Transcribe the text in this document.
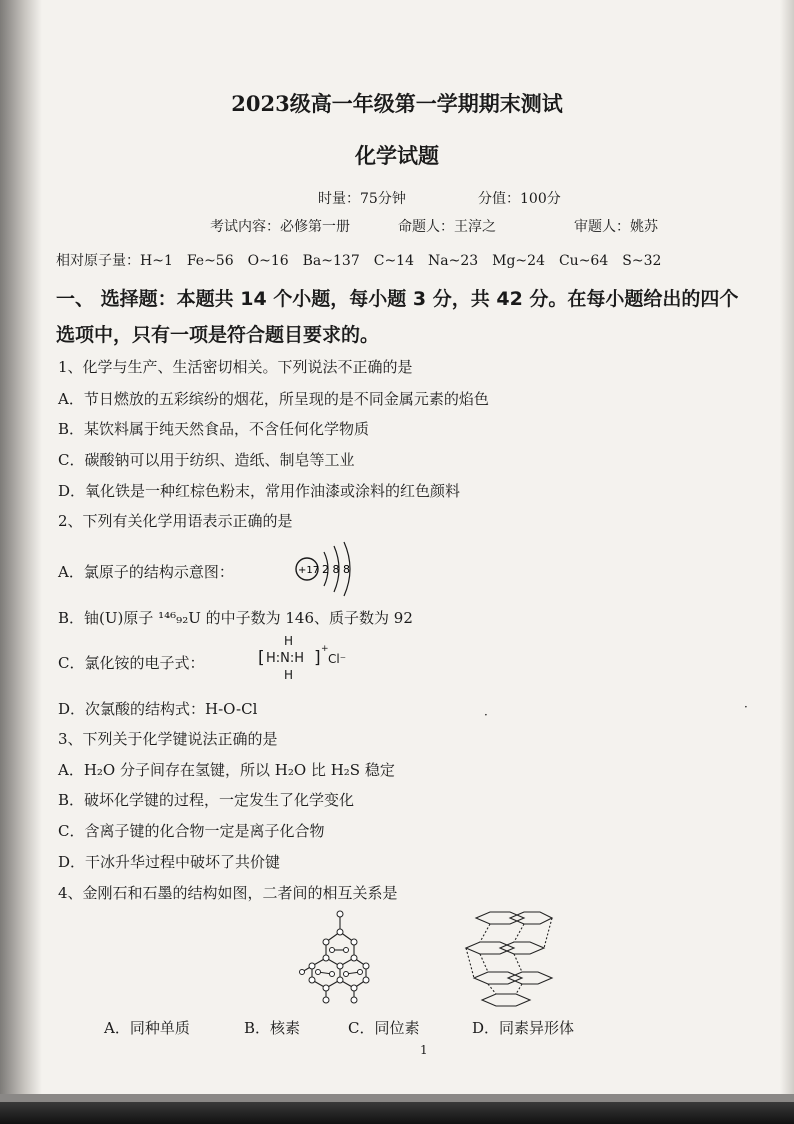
2023级高一年级第一学期期末测试
化学试题
时量：75分钟	分值：100分
考试内容：必修第一册	命题人：王淳之	审题人：姚苏
相对原子量：H~1　Fe~56　O~16　Ba~137　C~14　Na~23　Mg~24　Cu~64　S~32
一、 选择题：本题共 14 个小题，每小题 3 分，共 42 分。在每小题给出的四个
选项中，只有一项是符合题目要求的。
1、化学与生产、生活密切相关。下列说法不正确的是
A．节日燃放的五彩缤纷的烟花，所呈现的是不同金属元素的焰色
B．某饮料属于纯天然食品，不含任何化学物质
C．碳酸钠可以用于纺织、造纸、制皂等工业
D．氧化铁是一种红棕色粉末，常用作油漆或涂料的红色颜料
2、下列有关化学用语表示正确的是
A．氯原子的结构示意图：	+17 2 8 8
B．铀(U)原子 ¹⁴⁶₉₂U 的中子数为 146、质子数为 92
C．氯化铵的电子式：
H
[ H:N:H ] +
Cl⁻
H
D．次氯酸的结构式：H-O-Cl	·
·
3、下列关于化学键说法正确的是
A．H₂O 分子间存在氢键，所以 H₂O 比 H₂S 稳定
B．破坏化学键的过程，一定发生了化学变化
C．含离子键的化合物一定是离子化合物
D．干冰升华过程中破坏了共价键
4、金刚石和石墨的结构如图，二者间的相互关系是
A．同种单质	B．核素	C．同位素	D．同素异形体
1
